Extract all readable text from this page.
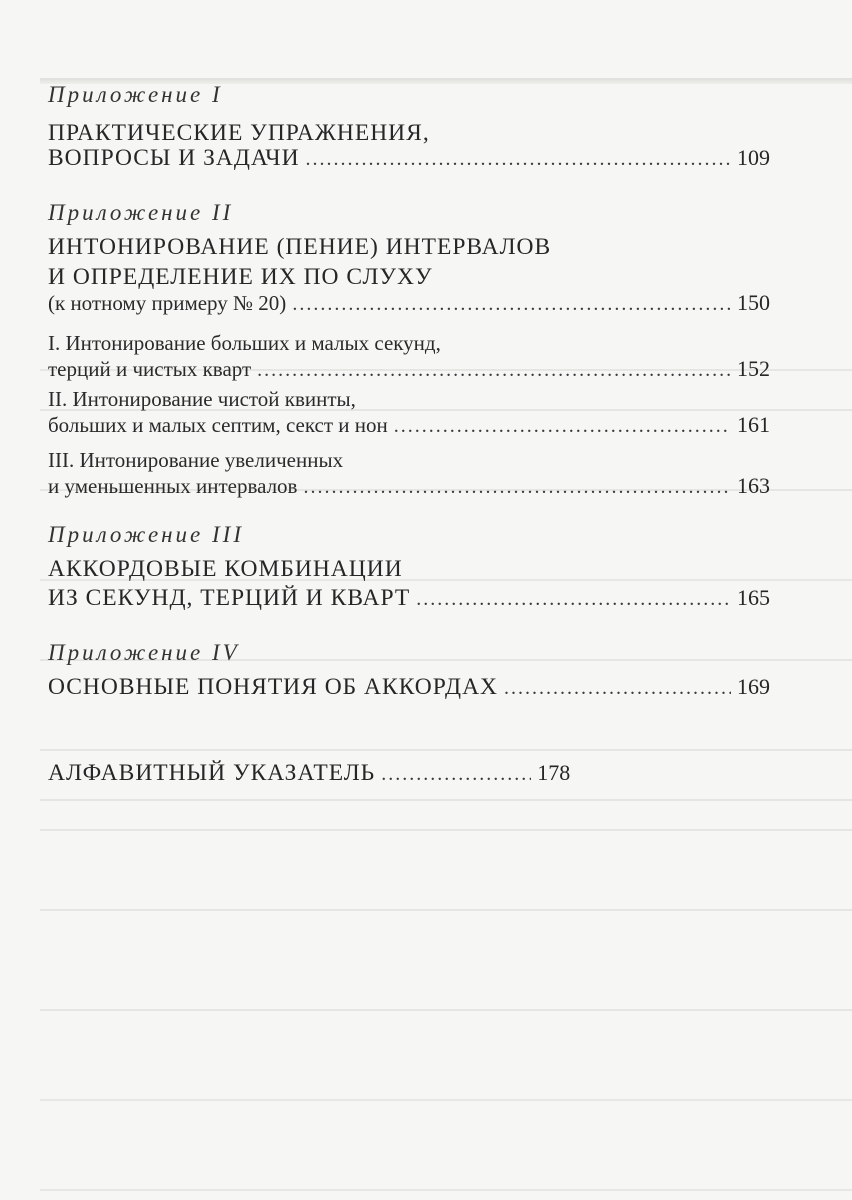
Приложение I
ПРАКТИЧЕСКИЕ УПРАЖНЕНИЯ,
ВОПРОСЫ И ЗАДАЧИ .....	109
Приложение II
ИНТОНИРОВАНИЕ (ПЕНИЕ) ИНТЕРВАЛОВ
И ОПРЕДЕЛЕНИЕ ИХ ПО СЛУХУ
(к нотному примеру № 20) .....	150
I. Интонирование больших и малых секунд,
терций и чистых кварт .....	152
II. Интонирование чистой квинты,
больших и малых септим, секст и нон .....	161
III. Интонирование увеличенных
и уменьшенных интервалов .....	163
Приложение III
АККОРДОВЫЕ КОМБИНАЦИИ
ИЗ СЕКУНД, ТЕРЦИЙ И КВАРТ .....	165
Приложение IV
ОСНОВНЫЕ ПОНЯТИЯ ОБ АККОРДАХ .....	169
АЛФАВИТНЫЙ УКАЗАТЕЛЬ .....	178
